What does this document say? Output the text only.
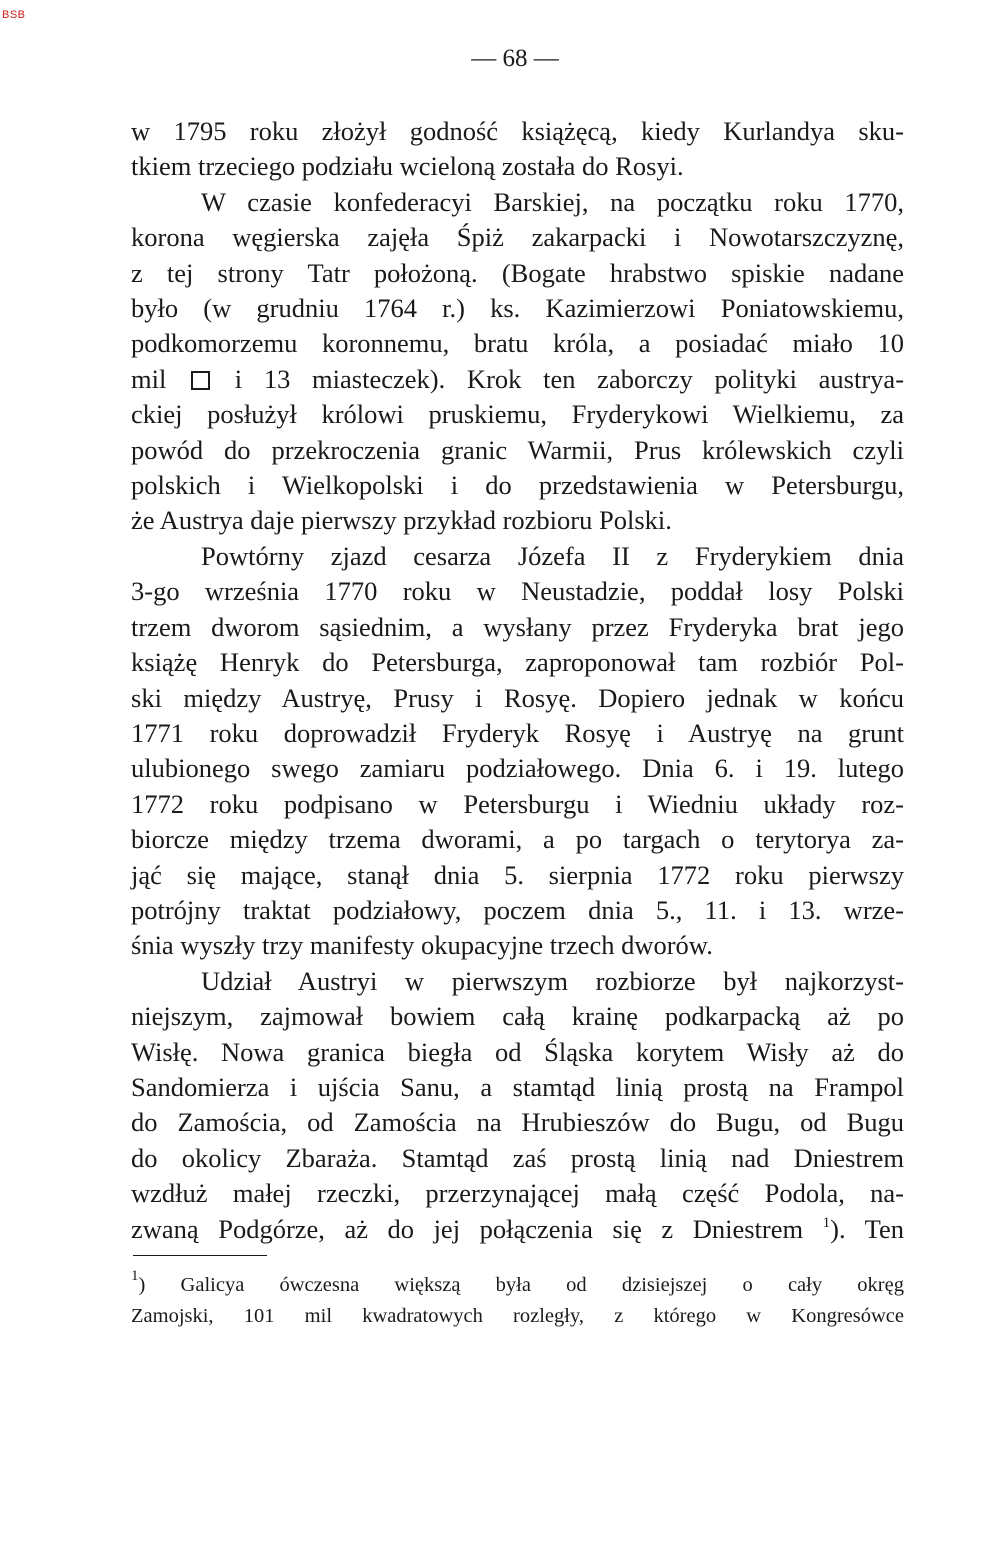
BSB
— 68 —
w 1795 roku złożył godność książęcą, kiedy Kurlandya sku-
tkiem trzeciego podziału wcieloną została do Rosyi.
W czasie konfederacyi Barskiej, na początku roku 1770,
korona węgierska zajęła Śpiż zakarpacki i Nowotarszczyznę,
z tej strony Tatr położoną. (Bogate hrabstwo spiskie nadane
było (w grudniu 1764 r.) ks. Kazimierzowi Poniatowskiemu,
podkomorzemu koronnemu, bratu króla, a posiadać miało 10
mil	i 13 miasteczek). Krok ten zaborczy polityki austrya-
ckiej posłużył królowi pruskiemu, Fryderykowi Wielkiemu, za
powód do przekroczenia granic Warmii, Prus królewskich czyli
polskich i Wielkopolski i do przedstawienia w Petersburgu,
że Austrya daje pierwszy przykład rozbioru Polski.
Powtórny zjazd cesarza Józefa II z Fryderykiem dnia
3-go września 1770 roku w Neustadzie, poddał losy Polski
trzem dworom sąsiednim, a wysłany przez Fryderyka brat jego
książę Henryk do Petersburga, zaproponował tam rozbiór Pol-
ski między Austryę, Prusy i Rosyę. Dopiero jednak w końcu
1771 roku doprowadził Fryderyk Rosyę i Austryę na grunt
ulubionego swego zamiaru podziałowego. Dnia 6. i 19. lutego
1772 roku podpisano w Petersburgu i Wiedniu układy roz-
biorcze między trzema dworami, a po targach o terytorya za-
jąć się mające, stanął dnia 5. sierpnia 1772 roku pierwszy
potrójny traktat podziałowy, poczem dnia 5., 11. i 13. wrze-
śnia wyszły trzy manifesty okupacyjne trzech dworów.
Udział Austryi w pierwszym rozbiorze był najkorzyst-
niejszym, zajmował bowiem całą krainę podkarpacką aż po
Wisłę. Nowa granica biegła od Śląska korytem Wisły aż do
Sandomierza i ujścia Sanu, a stamtąd linią prostą na Frampol
do Zamościa, od Zamościa na Hrubieszów do Bugu, od Bugu
do okolicy Zbaraża. Stamtąd zaś prostą linią nad Dniestrem
wzdłuż małej rzeczki, przerzynającej małą część Podola, na-
zwaną Podgórze, aż do jej połączenia się z Dniestrem $^1$). Ten
$^1$) Galicya ówczesna większą była od dzisiejszej o cały okręg
Zamojski, 101 mil kwadratowych rozległy, z którego w Kongresówce
